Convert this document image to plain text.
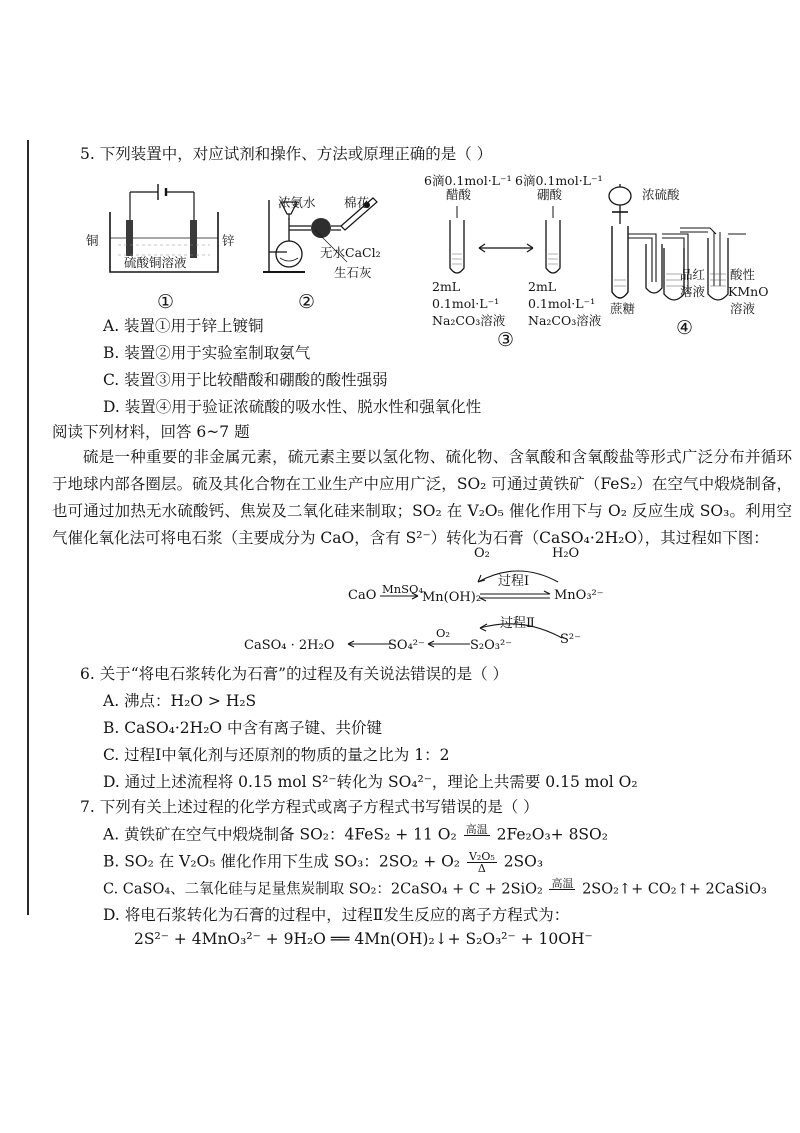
5. 下列装置中，对应试剂和操作、方法或原理正确的是（ ）
铜	锌
硫酸铜溶液
①
浓氨水 棉花
无水CaCl₂
生石灰
②
6滴0.1mol·L⁻¹
醋酸
6滴0.1mol·L⁻¹
硼酸
2mL
0.1mol·L⁻¹
Na₂CO₃溶液
2mL
0.1mol·L⁻¹
Na₂CO₃溶液
③
浓硫酸
蔗糖
品红
溶液
酸性
KMnO
溶液
④
A. 装置①用于锌上镀铜
B. 装置②用于实验室制取氨气
C. 装置③用于比较醋酸和硼酸的酸性强弱
D. 装置④用于验证浓硫酸的吸水性、脱水性和强氧化性
阅读下列材料，回答 6~7 题
硫是一种重要的非金属元素，硫元素主要以氢化物、硫化物、含氧酸和含氧酸盐等形式广泛分布并循环于地球内部各圈层。硫及其化合物在工业生产中应用广泛，SO₂ 可通过黄铁矿（FeS₂）在空气中煅烧制备，也可通过加热无水硫酸钙、焦炭及二氧化硅来制取；SO₂ 在 V₂O₅ 催化作用下与 O₂ 反应生成 SO₃。利用空气催化氧化法可将电石浆（主要成分为 CaO，含有 S²⁻）转化为石膏（CaSO₄·2H₂O），其过程如下图：
O₂	H₂O
过程Ⅰ
CaO MnSO₄
Mn(OH)₂	MnO₃²⁻
过程Ⅱ
S²⁻
CaSO₄ · 2H₂O	SO₄²⁻
O₂
S₂O₃²⁻
6. 关于“将电石浆转化为石膏”的过程及有关说法错误的是（ ）
A. 沸点：H₂O > H₂S
B. CaSO₄·2H₂O 中含有离子键、共价键
C. 过程Ⅰ中氧化剂与还原剂的物质的量之比为 1：2
D. 通过上述流程将 0.15 mol S²⁻转化为 SO₄²⁻，理论上共需要 0.15 mol O₂
7. 下列有关上述过程的化学方程式或离子方程式书写错误的是（ ）
A. 黄铁矿在空气中煅烧制备 SO₂：4FeS₂ + 11 O₂ 高温
2Fe₂O₃+ 8SO₂
B. SO₂ 在 V₂O₅ 催化作用下生成 SO₃：$2SO_2 + O_2 \frac{\text{V₂O₅}}{\Delta} 2SO_3$
C. CaSO₄、二氧化硅与足量焦炭制取 SO₂：2CaSO₄ + C + 2SiO₂ 高温
2SO₂↑+ CO₂↑+ 2CaSiO₃
D. 将电石浆转化为石膏的过程中，过程Ⅱ发生反应的离子方程式为：
2S²⁻ + 4MnO₃²⁻ + 9H₂O ══ 4Mn(OH)₂↓+ S₂O₃²⁻ + 10OH⁻
